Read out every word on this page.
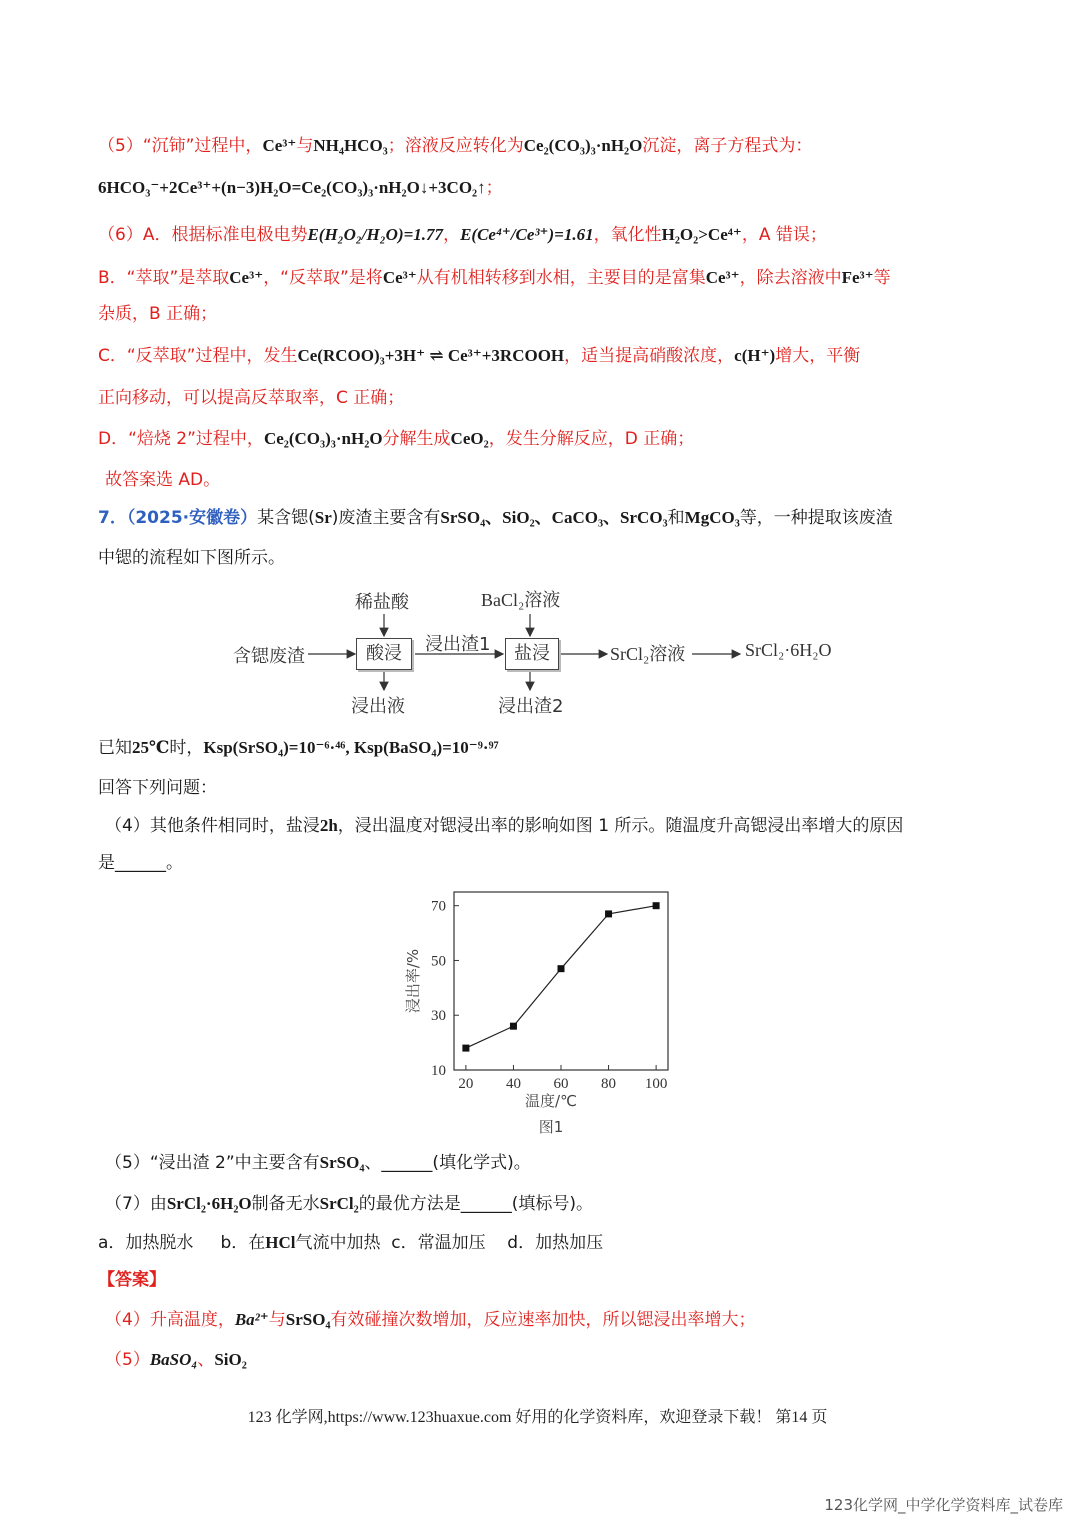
（5）“沉铈”过程中，Ce³⁺与NH₄HCO₃；溶液反应转化为Ce₂(CO₃)₃·nH₂O沉淀，离子方程式为：
6HCO₃⁻+2Ce³⁺+(n−3)H₂O=Ce₂(CO₃)₃·nH₂O↓+3CO₂↑；
（6）A．根据标准电极电势E(H₂O₂/H₂O)=1.77，E(Ce⁴⁺/Ce³⁺)=1.61，氧化性H₂O₂>Ce⁴⁺，A 错误；
B．“萃取”是萃取Ce³⁺，“反萃取”是将Ce³⁺从有机相转移到水相，主要目的是富集Ce³⁺，除去溶液中Fe³⁺等
杂质，B 正确；
C．“反萃取”过程中，发生Ce(RCOO)₃+3H⁺ ⇌ Ce³⁺+3RCOOH，适当提高硝酸浓度，c(H⁺)增大，平衡
正向移动，可以提高反萃取率，C 正确；
D．“焙烧 2”过程中，Ce₂(CO₃)₃·nH₂O分解生成CeO₂，发生分解反应，D 正确；
故答案选 AD。
7．（2025·安徽卷）某含锶(Sr)废渣主要含有SrSO₄、SiO₂、CaCO₃、SrCO₃和MgCO₃等，一种提取该废渣
中锶的流程如下图所示。
稀盐酸	BaCl₂溶液
含锶废渣	酸浸	浸出渣1	盐浸	SrCl₂溶液	SrCl₂·6H₂O
浸出液	浸出渣2
已知25℃时，Ksp(SrSO₄)=10⁻⁶·⁴⁶, Ksp(BaSO₄)=10⁻⁹·⁹⁷
回答下列问题：
（4）其他条件相同时，盐浸2h，浸出温度对锶浸出率的影响如图 1 所示。随温度升高锶浸出率增大的原因
是______。
20 40 60 80 100
10
30
50
70
温度/℃
浸出率/%
图1
（5）“浸出渣 2”中主要含有SrSO₄、______(填化学式)。
（7）由SrCl₂·6H₂O制备无水SrCl₂的最优方法是______(填标号)。
a．加热脱水 b．在HCl气流中加热 c．常温加压 d．加热加压
【答案】
（4）升高温度，Ba²⁺与SrSO₄有效碰撞次数增加，反应速率加快，所以锶浸出率增大；
（5）BaSO₄、SiO₂
123 化学网,https://www.123huaxue.com 好用的化学资料库，欢迎登录下载！ 第14 页
123化学网_中学化学资料库_试卷库
